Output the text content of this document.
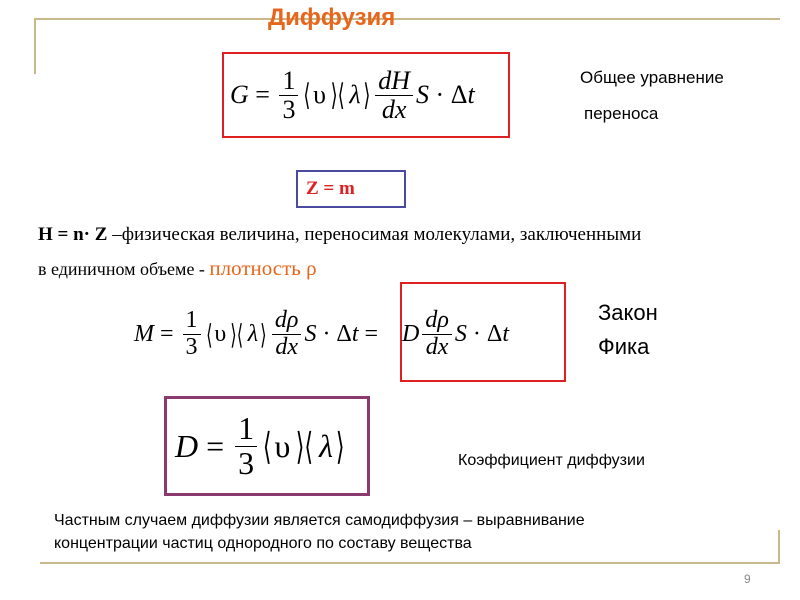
Диффузия
$G = \frac{1}{3}$ ⟨ υ ⟩⟨ λ ⟩ $\frac{dH}{dx}$ S · Δ t
Общее уравнение
переноса
Z = m
H = n· Z –физическая величина, переносимая молекулами, заключенными
в единичном объеме - плотность ρ
$M = \frac{1}{3}$ ⟨ υ ⟩⟨ λ ⟩ $\frac{d\rho}{dx}$ S · Δ t = D $\frac{d\rho}{dx}$ S · Δ t
Закон
Фика
$D = \frac{1}{3}$ ⟨ υ ⟩⟨ λ ⟩	Коэффициент диффузии
Частным случаем диффузии является самодиффузия – выравнивание
концентрации частиц однородного по составу вещества
9
